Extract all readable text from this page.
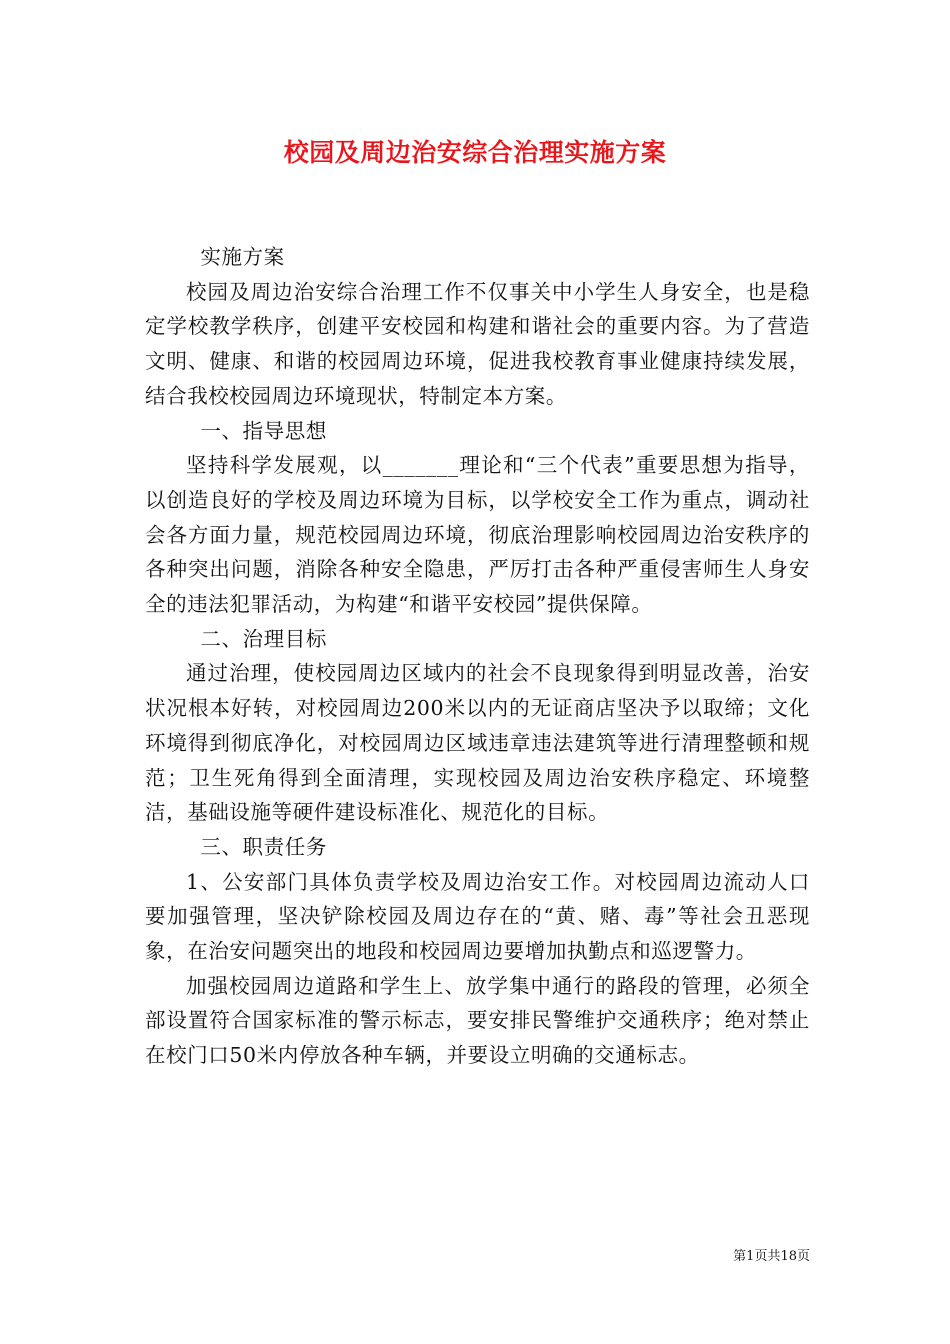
校园及周边治安综合治理实施方案

实施方案

校园及周边治安综合治理工作不仅事关中小学生人身安全，也是稳定学校教学秩序，创建平安校园和构建和谐社会的重要内容。为了营造文明、健康、和谐的校园周边环境，促进我校教育事业健康持续发展，结合我校校园周边环境现状，特制定本方案。

一、指导思想

坚持科学发展观，以_______理论和“三个代表”重要思想为指导，以创造良好的学校及周边环境为目标，以学校安全工作为重点，调动社会各方面力量，规范校园周边环境，彻底治理影响校园周边治安秩序的各种突出问题，消除各种安全隐患，严厉打击各种严重侵害师生人身安全的违法犯罪活动，为构建“和谐平安校园”提供保障。

二、治理目标

通过治理，使校园周边区域内的社会不良现象得到明显改善，治安状况根本好转，对校园周边200米以内的无证商店坚决予以取缔；文化环境得到彻底净化，对校园周边区域违章违法建筑等进行清理整顿和规范；卫生死角得到全面清理，实现校园及周边治安秩序稳定、环境整洁，基础设施等硬件建设标准化、规范化的目标。

三、职责任务

1、公安部门具体负责学校及周边治安工作。对校园周边流动人口要加强管理，坚决铲除校园及周边存在的“黄、赌、毒”等社会丑恶现象，在治安问题突出的地段和校园周边要增加执勤点和巡逻警力。

加强校园周边道路和学生上、放学集中通行的路段的管理，必须全部设置符合国家标准的警示标志，要安排民警维护交通秩序；绝对禁止在校门口50米内停放各种车辆，并要设立明确的交通标志。

第1页共18页
